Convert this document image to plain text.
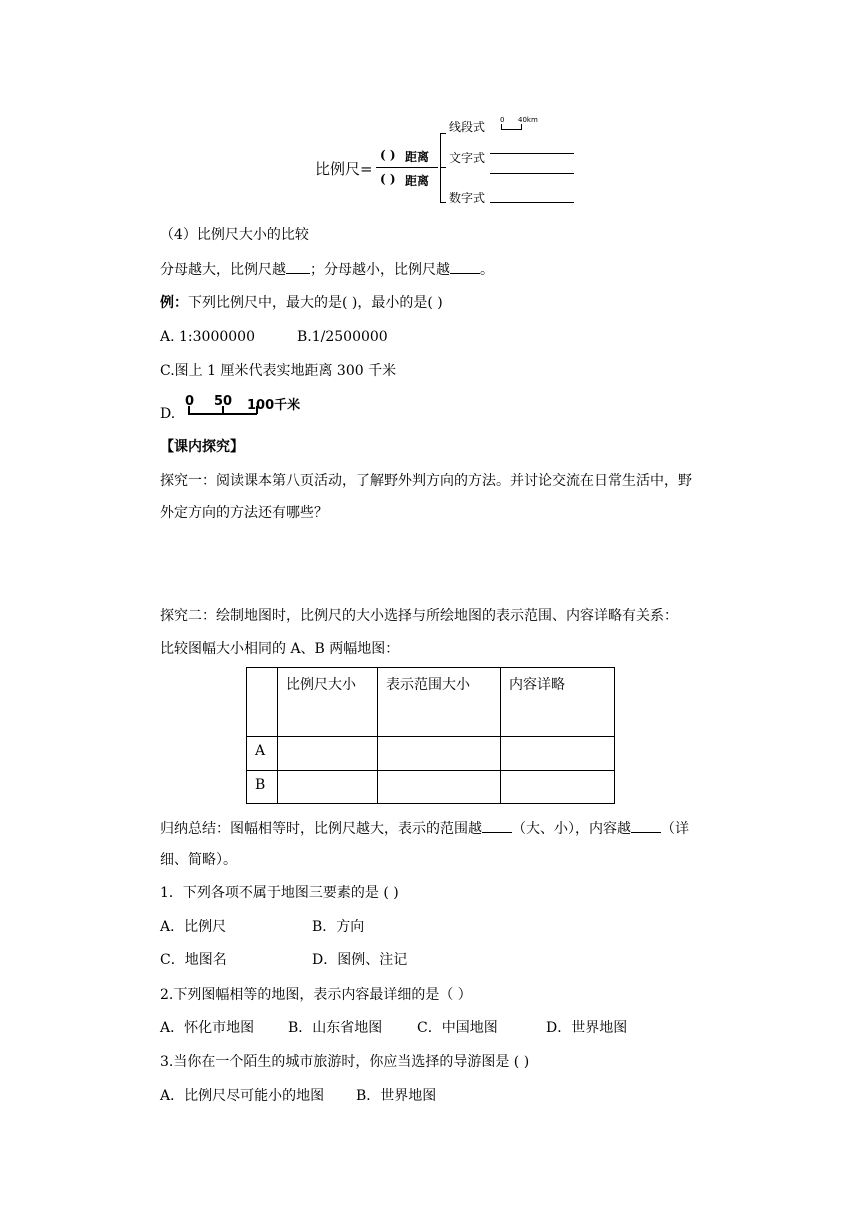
比例尺=
( ) 距离
( ) 距离
线段式 0 40km
文字式
数字式
（4）比例尺大小的比较
分母越大，比例尺越 ；分母越小，比例尺越 。
例：下列比例尺中，最大的是( )，最小的是( )
A. 1:3000000	B.1/2500000
C.图上 1 厘米代表实地距离 300 千米
D.
0 50 100千米
【课内探究】
探究一：阅读课本第八页活动，了解野外判方向的方法。并讨论交流在日常生活中，野
外定方向的方法还有哪些？
探究二：绘制地图时，比例尺的大小选择与所绘地图的表示范围、内容详略有关系：
比较图幅大小相同的 A、B 两幅地图：
	比例尺大小	表示范围大小	内容详略
A			
B			
归纳总结：图幅相等时，比例尺越大，表示的范围越 （大、小），内容越 （详
细、简略）。
1．下列各项不属于地图三要素的是 ( )
A．比例尺	B．方向
C．地图名	D．图例、注记
2.下列图幅相等的地图，表示内容最详细的是（ ）
A．怀化市地图 B．山东省地图 C．中国地图	D．世界地图
3.当你在一个陌生的城市旅游时，你应当选择的导游图是 ( )
A．比例尺尽可能小的地图 B．世界地图
